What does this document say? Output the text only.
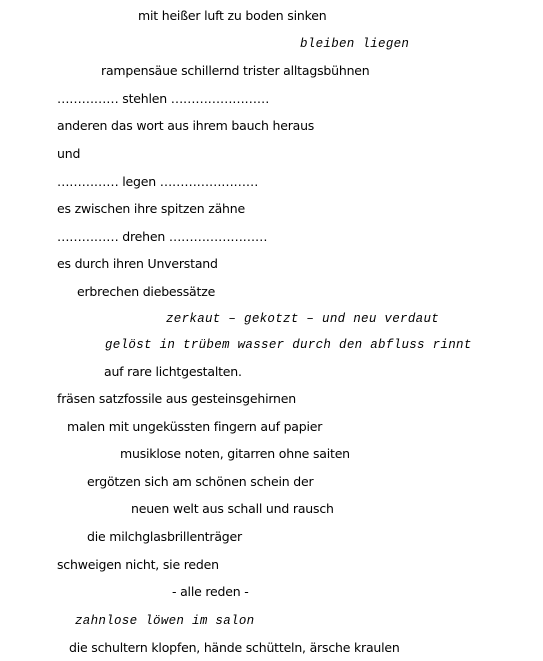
mit heißer luft zu boden sinken
bleiben liegen
rampensäue schillernd trister alltagsbühnen
…………… stehlen ……………………
anderen das wort aus ihrem bauch heraus
und
…………… legen ……………………
es zwischen ihre spitzen zähne
…………… drehen ……………………
es durch ihren Unverstand
erbrechen diebessätze
zerkaut – gekotzt – und neu verdaut
gelöst in trübem wasser durch den abfluss rinnt
auf rare lichtgestalten.
fräsen satzfossile aus gesteinsgehirnen
malen mit ungeküssten fingern auf papier
musiklose noten, gitarren ohne saiten
ergötzen sich am schönen schein der
neuen welt aus schall und rausch
die milchglasbrillenträger
schweigen nicht, sie reden
- alle reden -
zahnlose löwen im salon
die schultern klopfen, hände schütteln, ärsche kraulen
